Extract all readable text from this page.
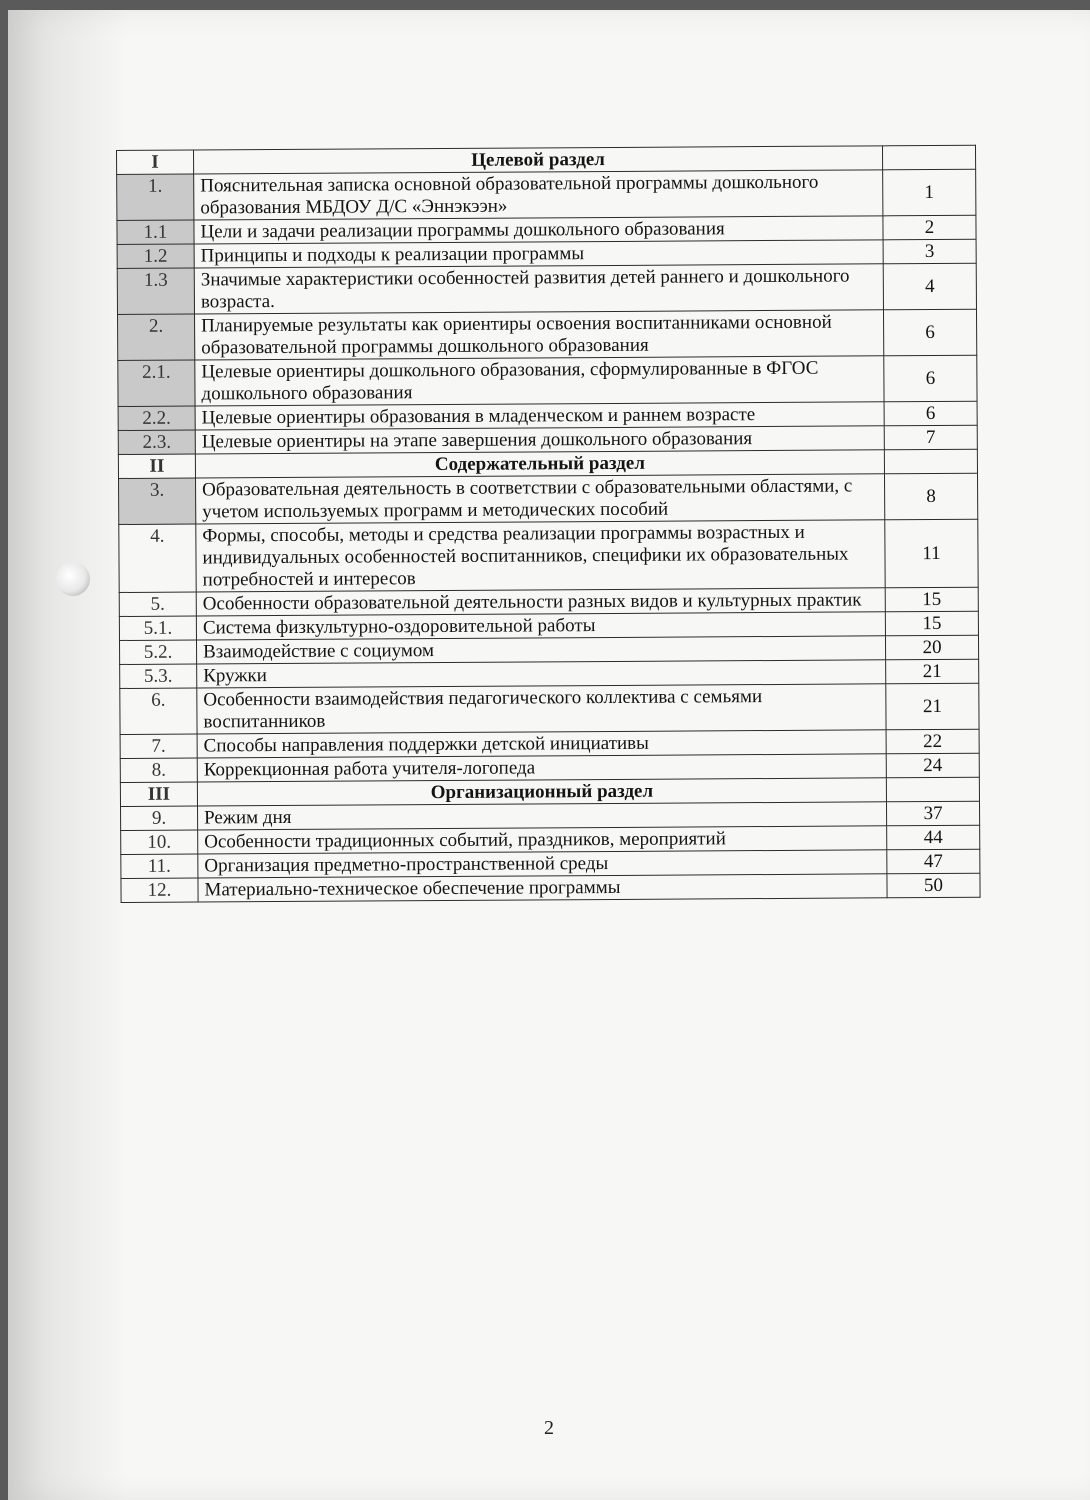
I	Целевой раздел	
1.	Пояснительная записка основной образовательной программы дошкольного образования МБДОУ Д/С «Эннэкээн»	1
1.1	Цели и задачи реализации программы дошкольного образования	2
1.2	Принципы и подходы к реализации программы	3
1.3	Значимые характеристики особенностей развития детей раннего и дошкольного возраста.	4
2.	Планируемые результаты как ориентиры освоения воспитанниками основной образовательной программы дошкольного образования	6
2.1.	Целевые ориентиры дошкольного образования, сформулированные в ФГОС дошкольного образования	6
2.2.	Целевые ориентиры образования в младенческом и раннем возрасте	6
2.3.	Целевые ориентиры на этапе завершения дошкольного образования	7
II	Содержательный раздел	
3.	Образовательная деятельность в соответствии с образовательными областями, с учетом используемых программ и методических пособий	8
4.	Формы, способы, методы и средства реализации программы возрастных и индивидуальных особенностей воспитанников, специфики их образовательных потребностей и интересов	11
5.	Особенности образовательной деятельности разных видов и культурных практик	15
5.1.	Система физкультурно-оздоровительной работы	15
5.2.	Взаимодействие с социумом	20
5.3.	Кружки	21
6.	Особенности взаимодействия педагогического коллектива с семьями воспитанников	21
7.	Способы направления поддержки детской инициативы	22
8.	Коррекционная работа учителя-логопеда	24
III	Организационный раздел	
9.	Режим дня	37
10.	Особенности традиционных событий, праздников, мероприятий	44
11.	Организация предметно-пространственной среды	47
12.	Материально-техническое обеспечение программы	50
2
